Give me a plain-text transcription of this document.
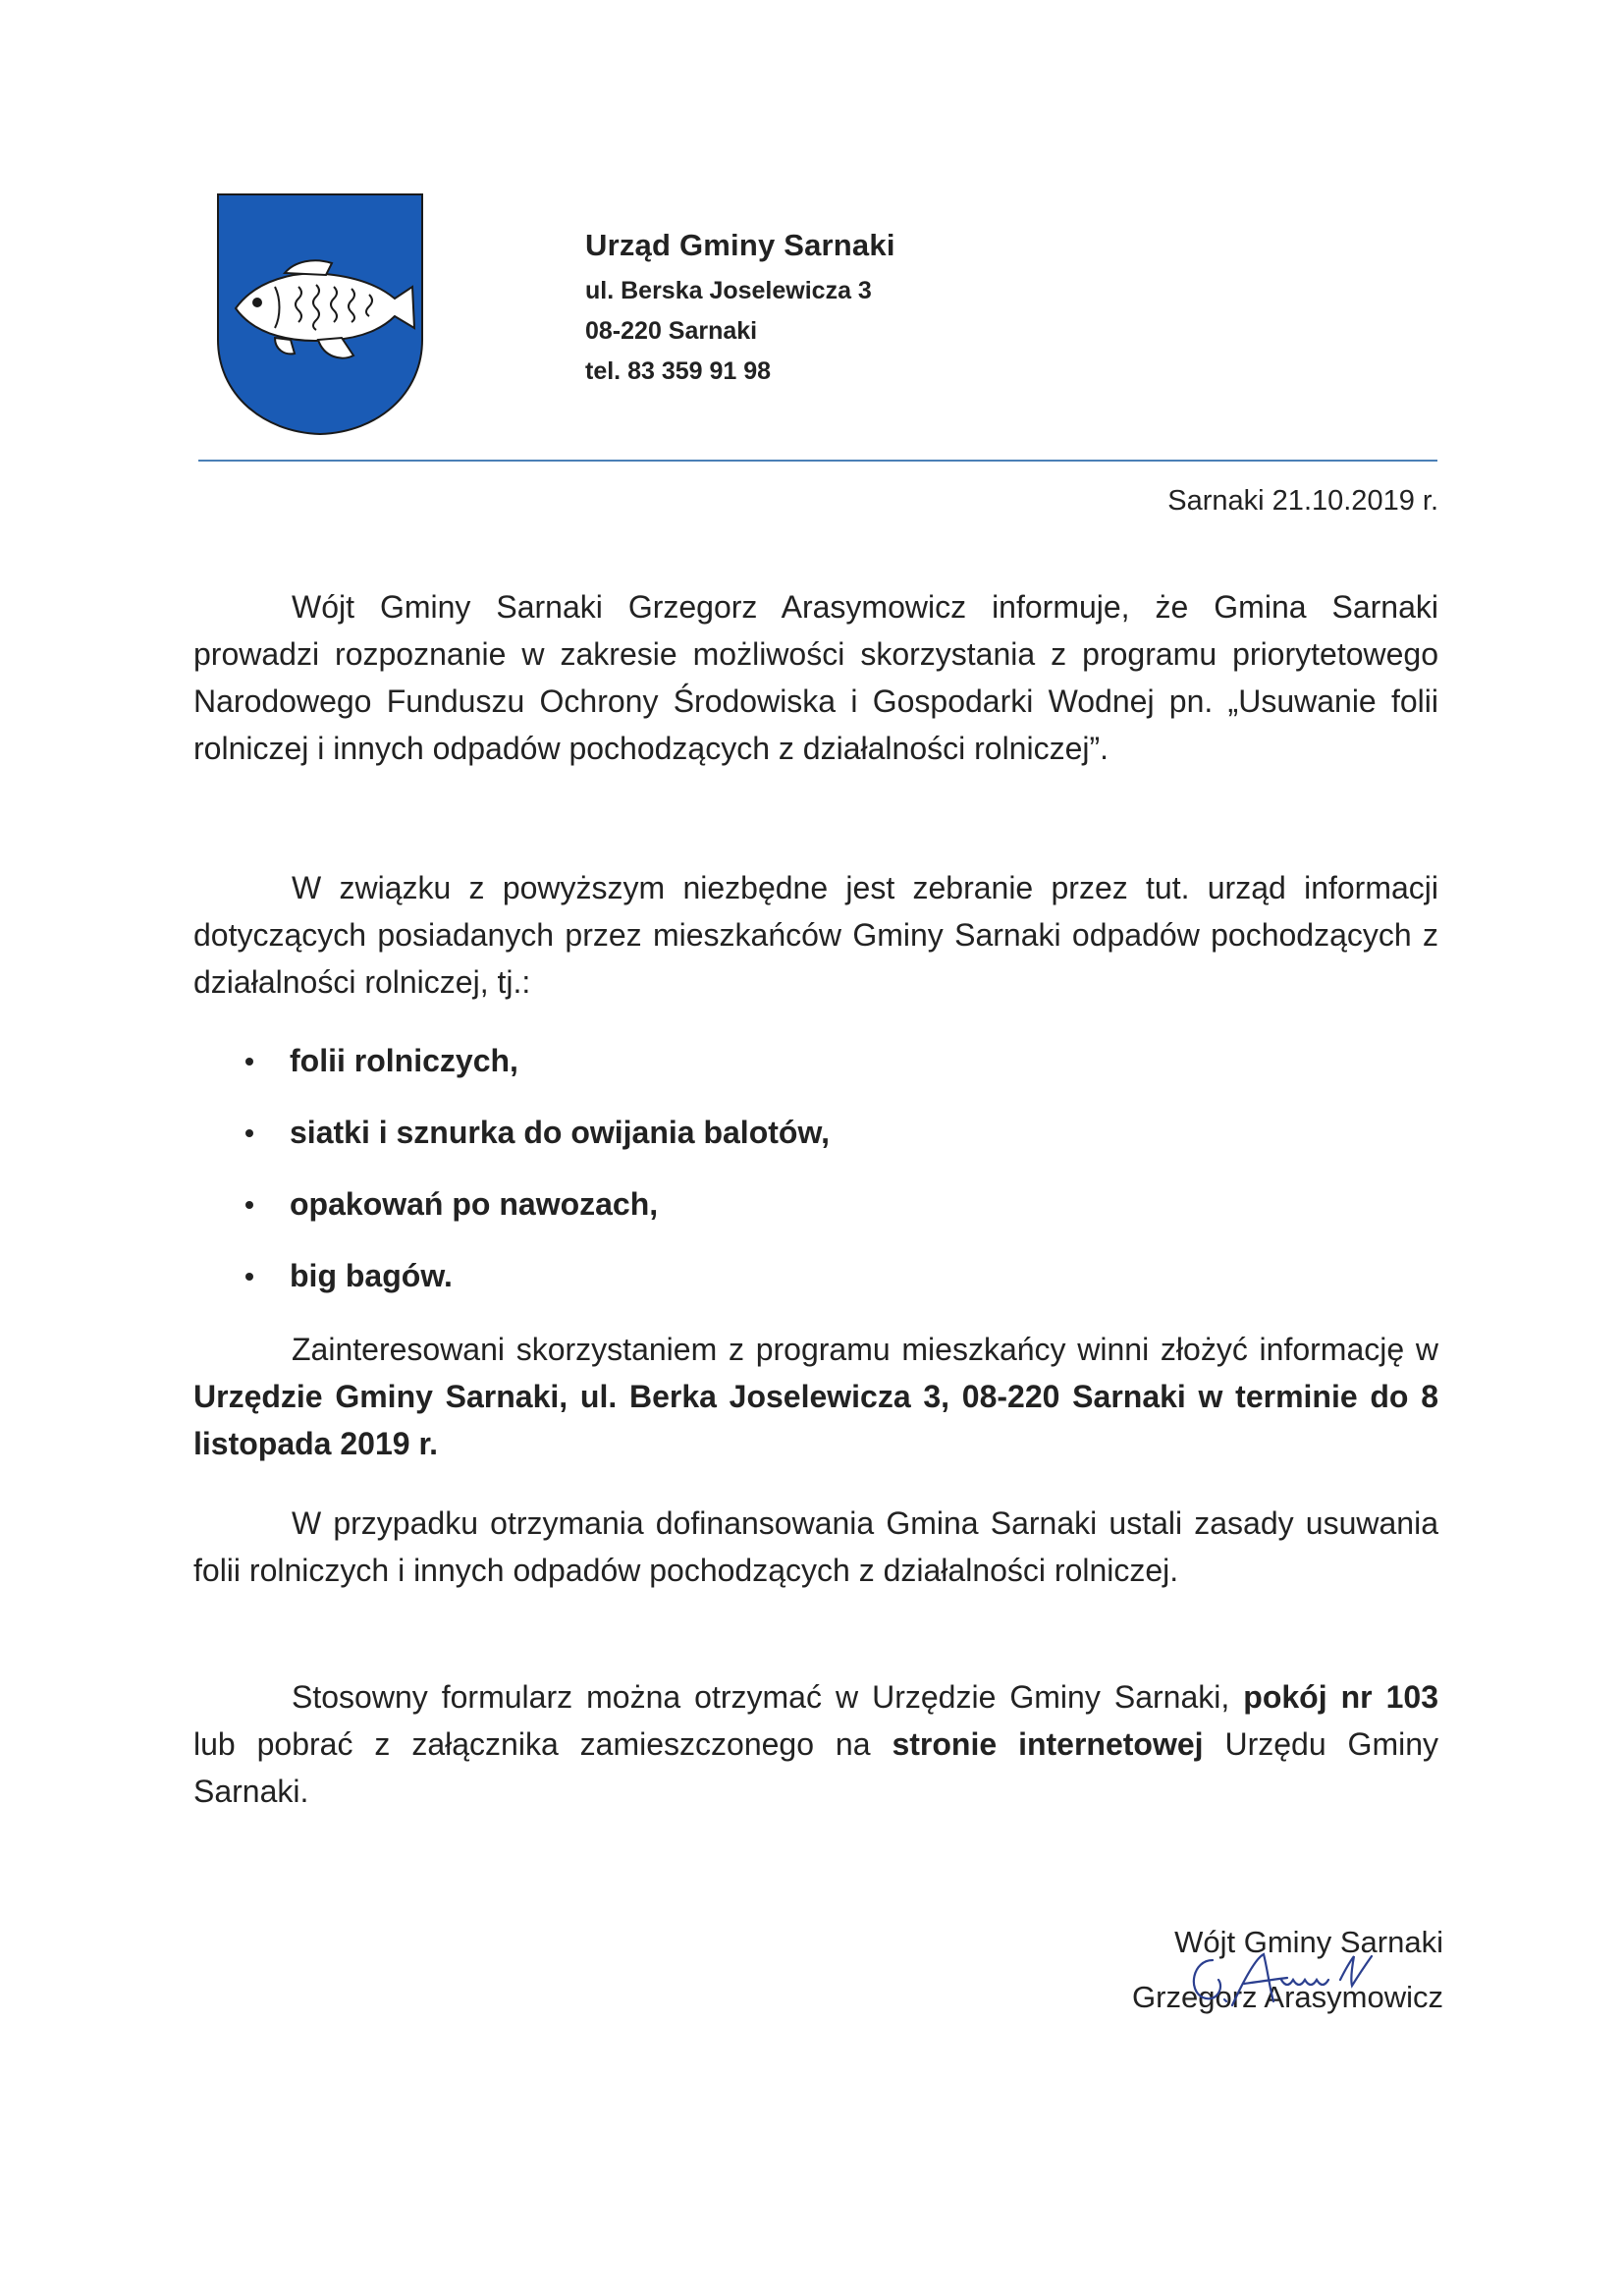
Urząd Gminy Sarnaki
ul. Berska Joselewicza 3
08-220 Sarnaki
tel. 83 359 91 98
Sarnaki 21.10.2019 r.

Wójt Gminy Sarnaki Grzegorz Arasymowicz informuje, że Gmina Sarnaki prowadzi rozpoznanie w zakresie możliwości skorzystania z programu priorytetowego Narodowego Funduszu Ochrony Środowiska i Gospodarki Wodnej pn. „Usuwanie folii rolniczej i innych odpadów pochodzących z działalności rolniczej”.

W związku z powyższym niezbędne jest zebranie przez tut. urząd informacji dotyczących posiadanych przez mieszkańców Gminy Sarnaki odpadów pochodzących z działalności rolniczej, tj.:

folii rolniczych,
siatki i sznurka do owijania balotów,
opakowań po nawozach,
big bagów.

Zainteresowani skorzystaniem z programu mieszkańcy winni złożyć informację w Urzędzie Gminy Sarnaki, ul. Berka Joselewicza 3, 08-220 Sarnaki w terminie do 8 listopada 2019 r.

W przypadku otrzymania dofinansowania Gmina Sarnaki ustali zasady usuwania folii rolniczych i innych odpadów pochodzących z działalności rolniczej.

Stosowny formularz można otrzymać w Urzędzie Gminy Sarnaki, pokój nr 103 lub pobrać z załącznika zamieszczonego na stronie internetowej Urzędu Gminy Sarnaki.

Wójt Gminy Sarnaki
Grzegorz Arasymowicz
